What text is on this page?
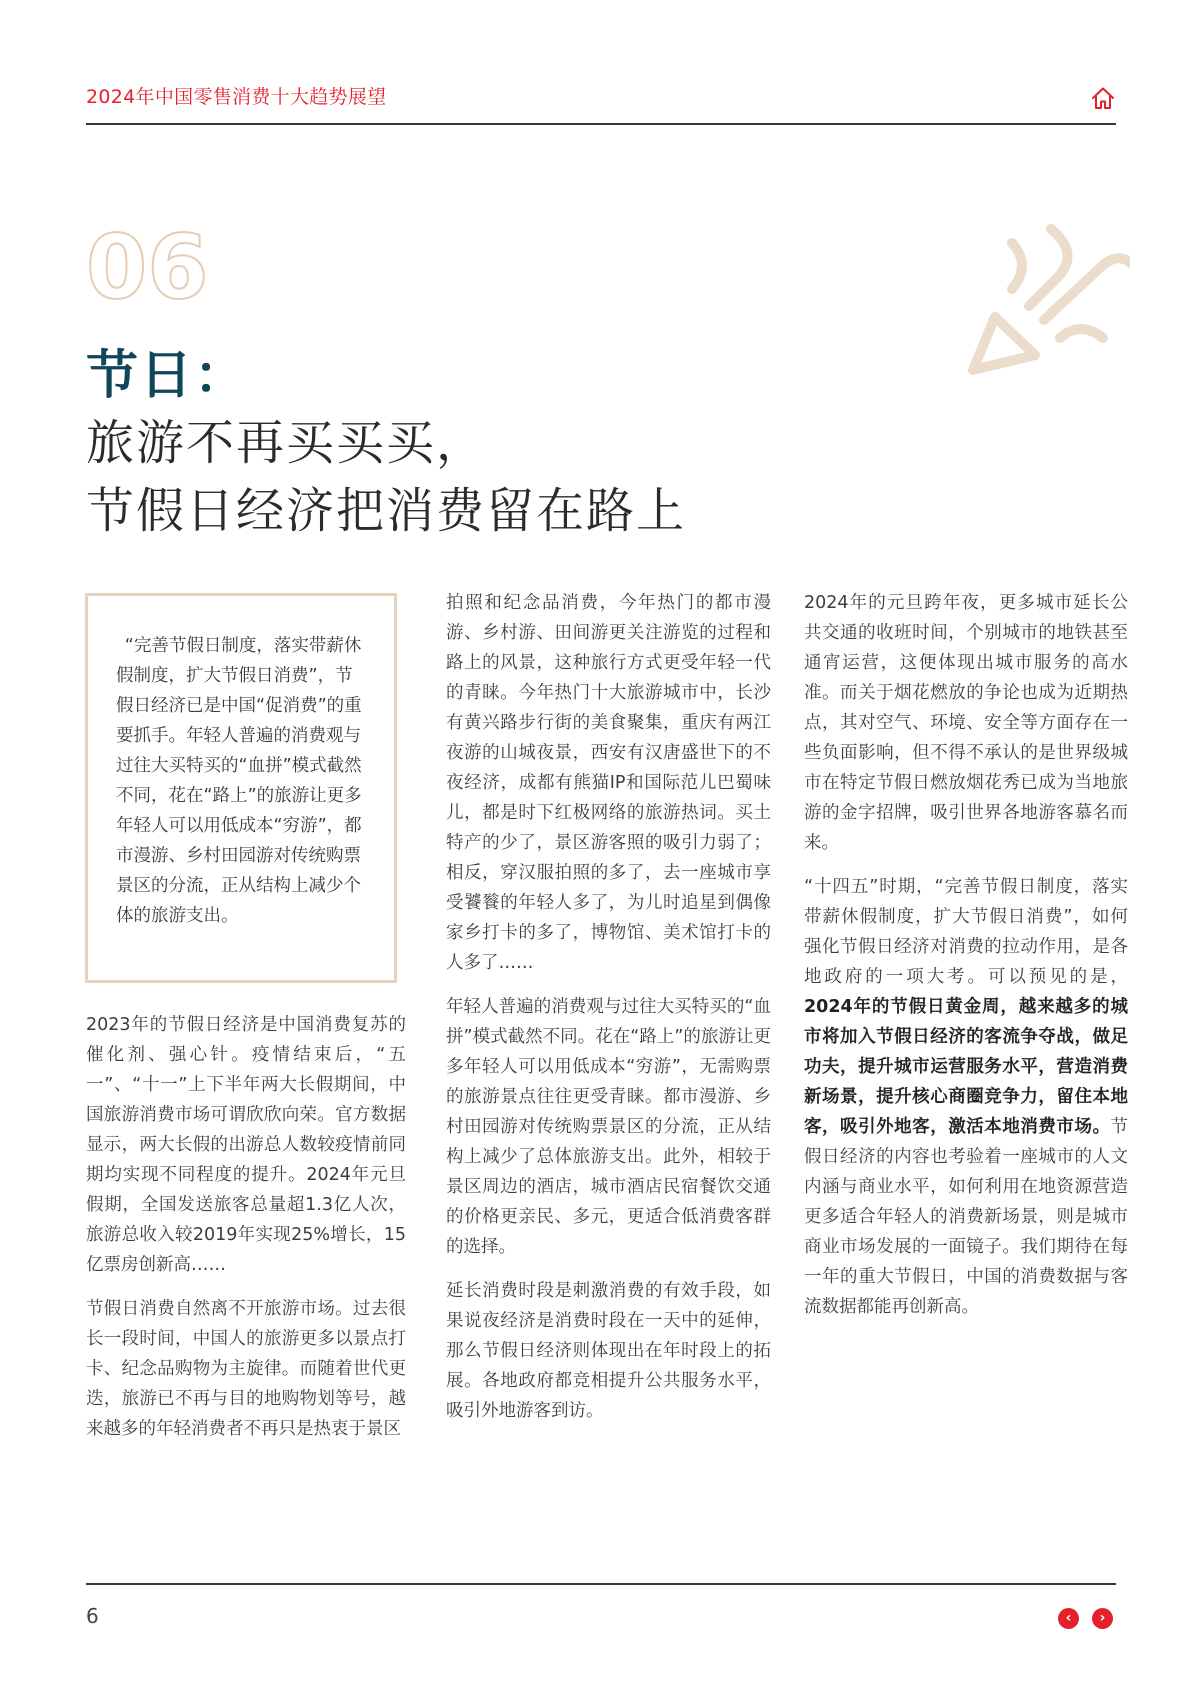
2024年中国零售消费十大趋势展望
06
节日：
旅游不再买买买，
节假日经济把消费留在路上
“完善节假日制度，落实带薪休假制度，扩大节假日消费”，节假日经济已是中国“促消费”的重要抓手。年轻人普遍的消费观与过往大买特买的“血拼”模式截然不同，花在“路上”的旅游让更多年轻人可以用低成本“穷游”，都市漫游、乡村田园游对传统购票景区的分流，正从结构上减少个体的旅游支出。

2023年的节假日经济是中国消费复苏的催化剂、强心针。疫情结束后，“五一”、“十一”上下半年两大长假期间，中国旅游消费市场可谓欣欣向荣。官方数据显示，两大长假的出游总人数较疫情前同期均实现不同程度的提升。2024年元旦假期，全国发送旅客总量超1.3亿人次，旅游总收入较2019年实现25%增长，15亿票房创新高……

节假日消费自然离不开旅游市场。过去很长一段时间，中国人的旅游更多以景点打卡、纪念品购物为主旋律。而随着世代更迭，旅游已不再与目的地购物划等号，越来越多的年轻消费者不再只是热衷于景区

拍照和纪念品消费，今年热门的都市漫游、乡村游、田间游更关注游览的过程和路上的风景，这种旅行方式更受年轻一代的青睐。今年热门十大旅游城市中，长沙有黄兴路步行街的美食聚集，重庆有两江夜游的山城夜景，西安有汉唐盛世下的不夜经济，成都有熊猫IP和国际范儿巴蜀味儿，都是时下红极网络的旅游热词。买土特产的少了，景区游客照的吸引力弱了；相反，穿汉服拍照的多了，去一座城市享受饕餮的年轻人多了，为儿时追星到偶像家乡打卡的多了，博物馆、美术馆打卡的人多了……

年轻人普遍的消费观与过往大买特买的“血拼”模式截然不同。花在“路上”的旅游让更多年轻人可以用低成本“穷游”，无需购票的旅游景点往往更受青睐。都市漫游、乡村田园游对传统购票景区的分流，正从结构上减少了总体旅游支出。此外，相较于景区周边的酒店，城市酒店民宿餐饮交通的价格更亲民、多元，更适合低消费客群的选择。

延长消费时段是刺激消费的有效手段，如果说夜经济是消费时段在一天中的延伸，那么节假日经济则体现出在年时段上的拓展。各地政府都竞相提升公共服务水平，吸引外地游客到访。

2024年的元旦跨年夜，更多城市延长公共交通的收班时间，个别城市的地铁甚至通宵运营，这便体现出城市服务的高水准。而关于烟花燃放的争论也成为近期热点，其对空气、环境、安全等方面存在一些负面影响，但不得不承认的是世界级城市在特定节假日燃放烟花秀已成为当地旅游的金字招牌，吸引世界各地游客慕名而来。

“十四五”时期，“完善节假日制度，落实带薪休假制度，扩大节假日消费”，如何强化节假日经济对消费的拉动作用，是各地政府的一项大考。可以预见的是，2024年的节假日黄金周，越来越多的城市将加入节假日经济的客流争夺战，做足功夫，提升城市运营服务水平，营造消费新场景，提升核心商圈竞争力，留住本地客，吸引外地客，激活本地消费市场。节假日经济的内容也考验着一座城市的人文内涵与商业水平，如何利用在地资源营造更多适合年轻人的消费新场景，则是城市商业市场发展的一面镜子。我们期待在每一年的重大节假日，中国的消费数据与客流数据都能再创新高。

6	‹	›
